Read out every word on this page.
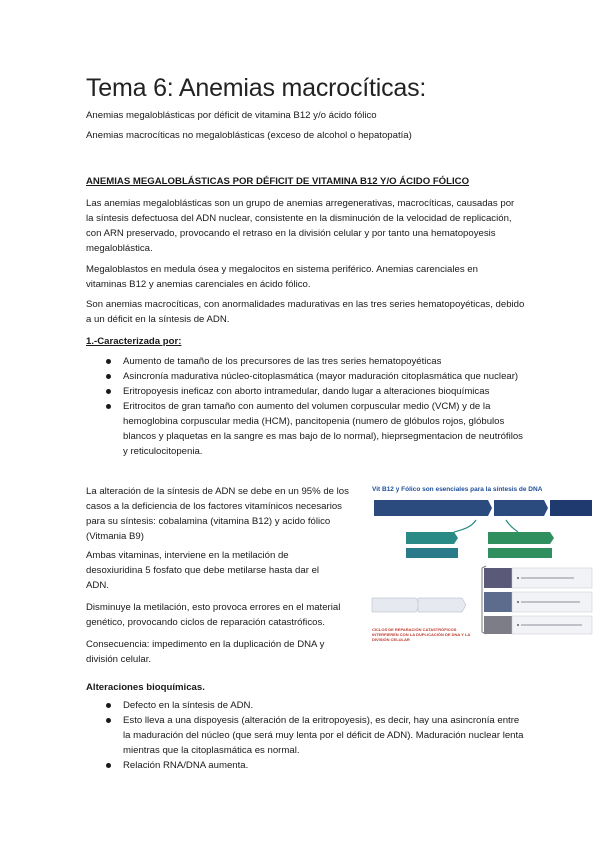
Tema 6: Anemias macrocíticas:

Anemias megaloblásticas por déficit de vitamina B12 y/o ácido fólico

Anemias macrocíticas no megaloblásticas (exceso de alcohol o hepatopatía)

ANEMIAS MEGALOBLÁSTICAS POR DÉFICIT DE VITAMINA B12 Y/O ÁCIDO FÓLICO

Las anemias megaloblásticas son un grupo de anemias arregenerativas, macrocíticas, causadas por la síntesis defectuosa del ADN nuclear, consistente en la disminución de la velocidad de replicación, con ARN preservado, provocando el retraso en la división celular y por tanto una hematopoyesis megaloblástica.

Megaloblastos en medula ósea y megalocitos en sistema periférico. Anemias carenciales en vitaminas B12 y anemias carenciales en ácido fólico.

Son anemias macrocíticas, con anormalidades madurativas en las tres series hematopoyéticas, debido a un déficit en la síntesis de ADN.

1.-Caracterizada por:

Aumento de tamaño de los precursores de las tres series hematopoyéticas
Asincronía madurativa núcleo-citoplasmática (mayor maduración citoplasmática que nuclear)
Eritropoyesis ineficaz con aborto intramedular, dando lugar a alteraciones bioquímicas
Eritrocitos de gran tamaño con aumento del volumen corpuscular medio (VCM) y de la hemoglobina corpuscular media (HCM), pancitopenia (numero de glóbulos rojos, glóbulos blancos y plaquetas en la sangre es mas bajo de lo normal), hieprsegmentacion de neutrófilos y reticulocitopenia.

La alteración de la síntesis de ADN se debe en un 95% de los casos a la deficiencia de los factores vitamínicos necesarios para su síntesis: cobalamina (vitamina B12) y acido fólico (Vitmania B9)

Ambas vitaminas, interviene en la metilación de desoxiuridina 5 fosfato que debe metilarse hasta dar el ADN.

Disminuye la metilación, esto provoca errores en el material genético, provocando ciclos de reparación catastróficos.

Consecuencia: impedimento en la duplicación de DNA y división celular.

Vit B12 y Fólico son esenciales para la síntesis de DNA
CICLOS DE REPARACIÓN CATASTRÓFICOS INTERFIEREN CON LA DUPLICACIÓN DE DNA Y LA DIVISIÓN CELULAR

Alteraciones bioquímicas.

Defecto en la síntesis de ADN.
Esto lleva a una dispoyesis (alteración de la eritropoyesis), es decir, hay una asincronía entre la maduración del núcleo (que será muy lenta por el déficit de ADN). Maduración nuclear lenta mientras que la citoplasmática es normal.
Relación RNA/DNA aumenta.
